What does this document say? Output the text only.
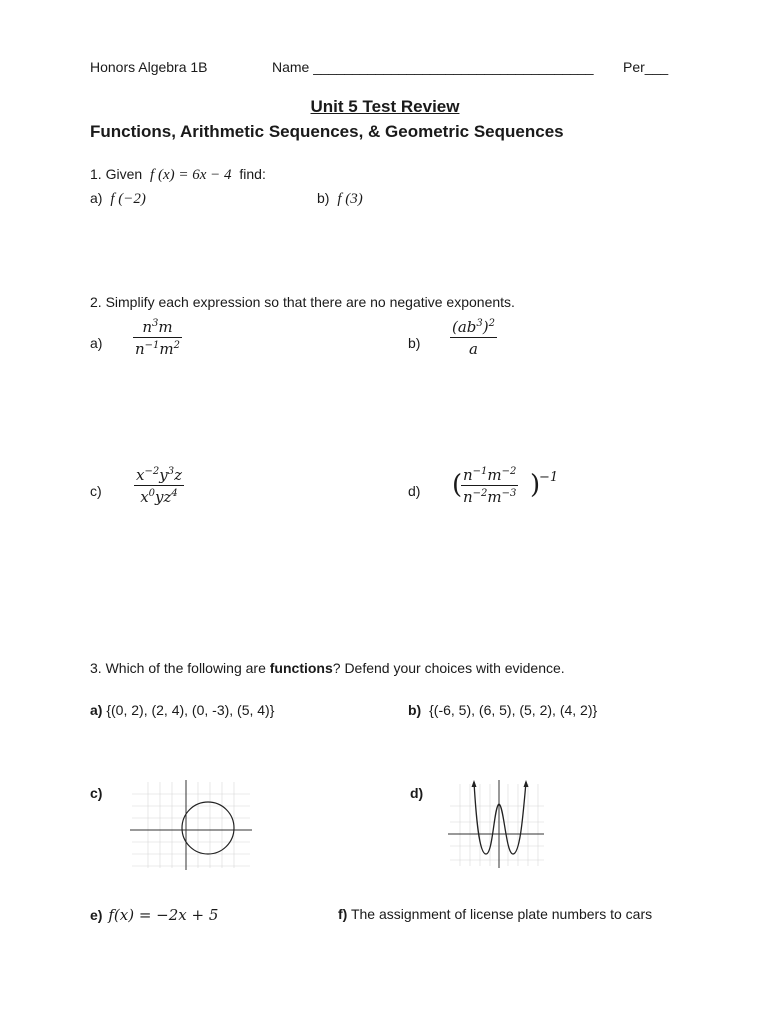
Honors Algebra 1B	Name ____________________________________ Per___
Unit 5 Test Review
Functions, Arithmetic Sequences, & Geometric Sequences
1. Given f (x) = 6x − 4 find:
a) f (−2)	b) f (3)
2. Simplify each expression so that there are no negative exponents.
$a) \frac{n^3m}{n^{-1}m^2}$	$b) \frac{(ab^3)^2}{a}$
$c) \frac{x^{-2}y^3z}{x^0yz^4}$	d) (
$\frac{n^{-1}m^{-2}}{n^{-2}m^{-3}}$ )
−1
3. Which of the following are functions? Defend your choices with evidence.
a) {(0, 2), (2, 4), (0, -3), (5, 4)}	b) {(-6, 5), (6, 5), (5, 2), (4, 2)}
c)	d)
e) f(x) = −2x + 5	f) The assignment of license plate numbers to cars
